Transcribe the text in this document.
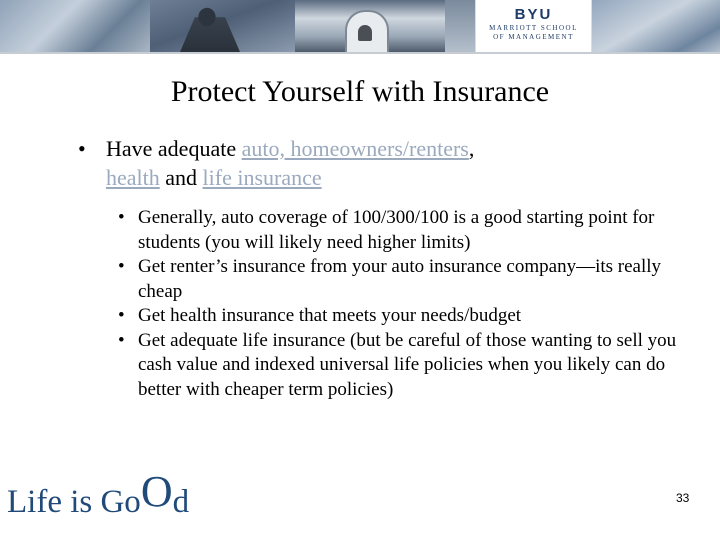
BYU
MARRIOTT SCHOOL
OF MANAGEMENT
Protect Yourself with Insurance
• Have adequate auto, homeowners/renters,
health and life insurance
• Generally, auto coverage of 100/300/100 is a good starting point for students (you will likely need higher limits)
• Get renter’s insurance from your auto insurance company—its really cheap
• Get health insurance that meets your needs/budget
• Get adequate life insurance (but be careful of those wanting to sell you cash value and indexed universal life policies when you likely can do better with cheaper term policies)
Life is GoOd	33
